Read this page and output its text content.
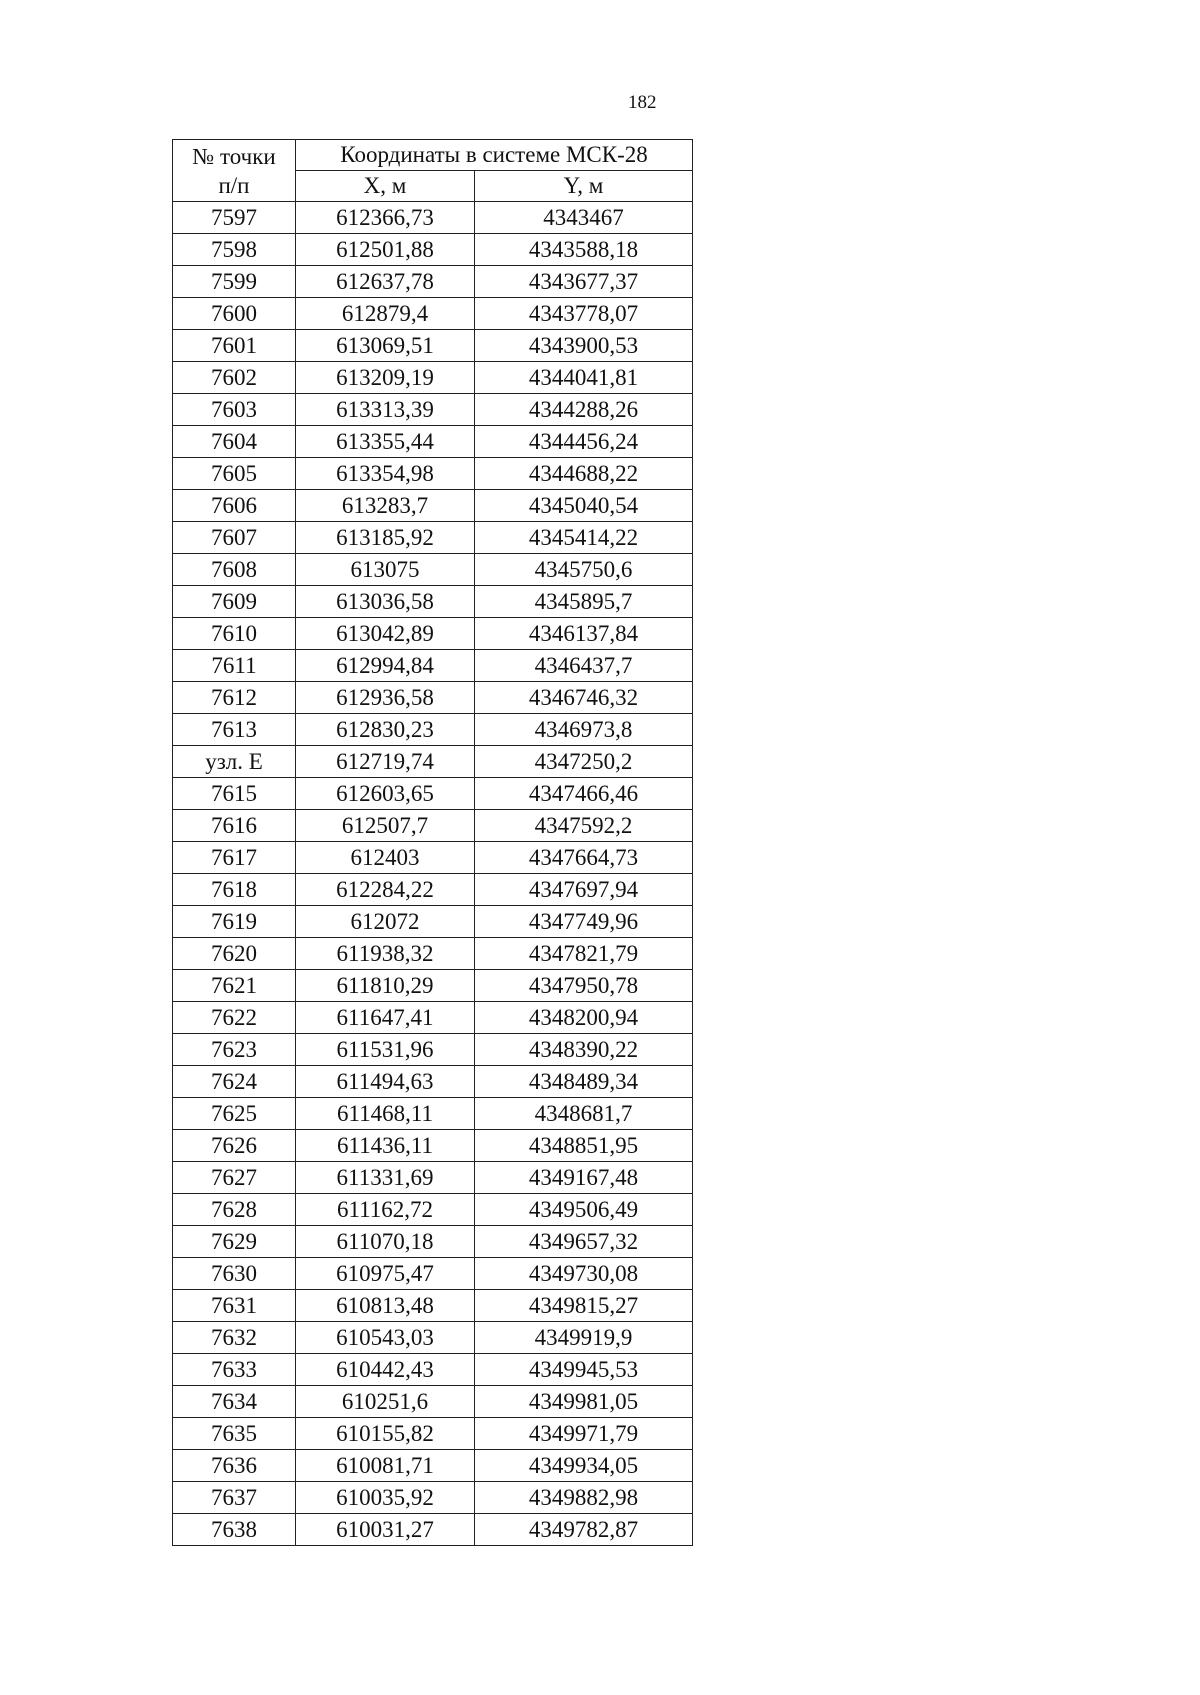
182
№ точки
п/п	Координаты в системе МСК-28	
	X, м	Y, м
7597	612366,73	4343467
7598	612501,88	4343588,18
7599	612637,78	4343677,37
7600	612879,4	4343778,07
7601	613069,51	4343900,53
7602	613209,19	4344041,81
7603	613313,39	4344288,26
7604	613355,44	4344456,24
7605	613354,98	4344688,22
7606	613283,7	4345040,54
7607	613185,92	4345414,22
7608	613075	4345750,6
7609	613036,58	4345895,7
7610	613042,89	4346137,84
7611	612994,84	4346437,7
7612	612936,58	4346746,32
7613	612830,23	4346973,8
узл. Е	612719,74	4347250,2
7615	612603,65	4347466,46
7616	612507,7	4347592,2
7617	612403	4347664,73
7618	612284,22	4347697,94
7619	612072	4347749,96
7620	611938,32	4347821,79
7621	611810,29	4347950,78
7622	611647,41	4348200,94
7623	611531,96	4348390,22
7624	611494,63	4348489,34
7625	611468,11	4348681,7
7626	611436,11	4348851,95
7627	611331,69	4349167,48
7628	611162,72	4349506,49
7629	611070,18	4349657,32
7630	610975,47	4349730,08
7631	610813,48	4349815,27
7632	610543,03	4349919,9
7633	610442,43	4349945,53
7634	610251,6	4349981,05
7635	610155,82	4349971,79
7636	610081,71	4349934,05
7637	610035,92	4349882,98
7638	610031,27	4349782,87
